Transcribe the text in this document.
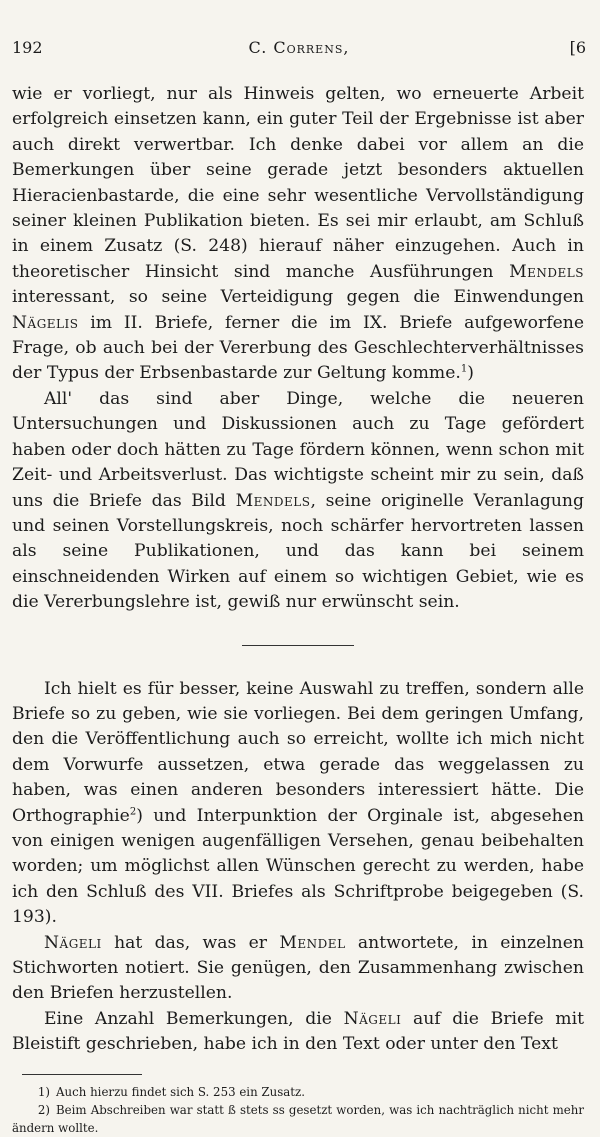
192	C. Correns,	[6

wie er vorliegt, nur als Hinweis gelten, wo erneuerte Arbeit erfolgreich einsetzen kann, ein guter Teil der Ergebnisse ist aber auch direkt verwertbar. Ich denke dabei vor allem an die Bemerkungen über seine gerade jetzt besonders aktuellen Hieracienbastarde, die eine sehr wesentliche Vervollständigung seiner kleinen Publikation bieten. Es sei mir erlaubt, am Schluß in einem Zusatz (S. 248) hierauf näher einzugehen. Auch in theoretischer Hinsicht sind manche Ausführungen Mendels interessant, so seine Verteidigung gegen die Einwendungen Nägelis im II. Briefe, ferner die im IX. Briefe aufgeworfene Frage, ob auch bei der Vererbung des Geschlechterverhältnisses der Typus der Erbsenbastarde zur Geltung komme.$^1$)

All' das sind aber Dinge, welche die neueren Untersuchungen und Diskussionen auch zu Tage gefördert haben oder doch hätten zu Tage fördern können, wenn schon mit Zeit- und Arbeitsverlust. Das wichtigste scheint mir zu sein, daß uns die Briefe das Bild Mendels, seine originelle Veranlagung und seinen Vorstellungskreis, noch schärfer hervortreten lassen als seine Publikationen, und das kann bei seinem einschneidenden Wirken auf einem so wichtigen Gebiet, wie es die Vererbungslehre ist, gewiß nur erwünscht sein.

Ich hielt es für besser, keine Auswahl zu treffen, sondern alle Briefe so zu geben, wie sie vorliegen. Bei dem geringen Umfang, den die Veröffentlichung auch so erreicht, wollte ich mich nicht dem Vorwurfe aussetzen, etwa gerade das weggelassen zu haben, was einen anderen besonders interessiert hätte. Die Orthographie$^2$) und Interpunktion der Orginale ist, abgesehen von einigen wenigen augenfälligen Versehen, genau beibehalten worden; um möglichst allen Wünschen gerecht zu werden, habe ich den Schluß des VII. Briefes als Schriftprobe beigegeben (S. 193).

Nägeli hat das, was er Mendel antwortete, in einzelnen Stichworten notiert. Sie genügen, den Zusammenhang zwischen den Briefen herzustellen.

Eine Anzahl Bemerkungen, die Nägeli auf die Briefe mit Bleistift geschrieben, habe ich in den Text oder unter den Text

1) Auch hierzu findet sich S. 253 ein Zusatz.
2) Beim Abschreiben war statt ß stets ss gesetzt worden, was ich nachträglich nicht mehr ändern wollte.
